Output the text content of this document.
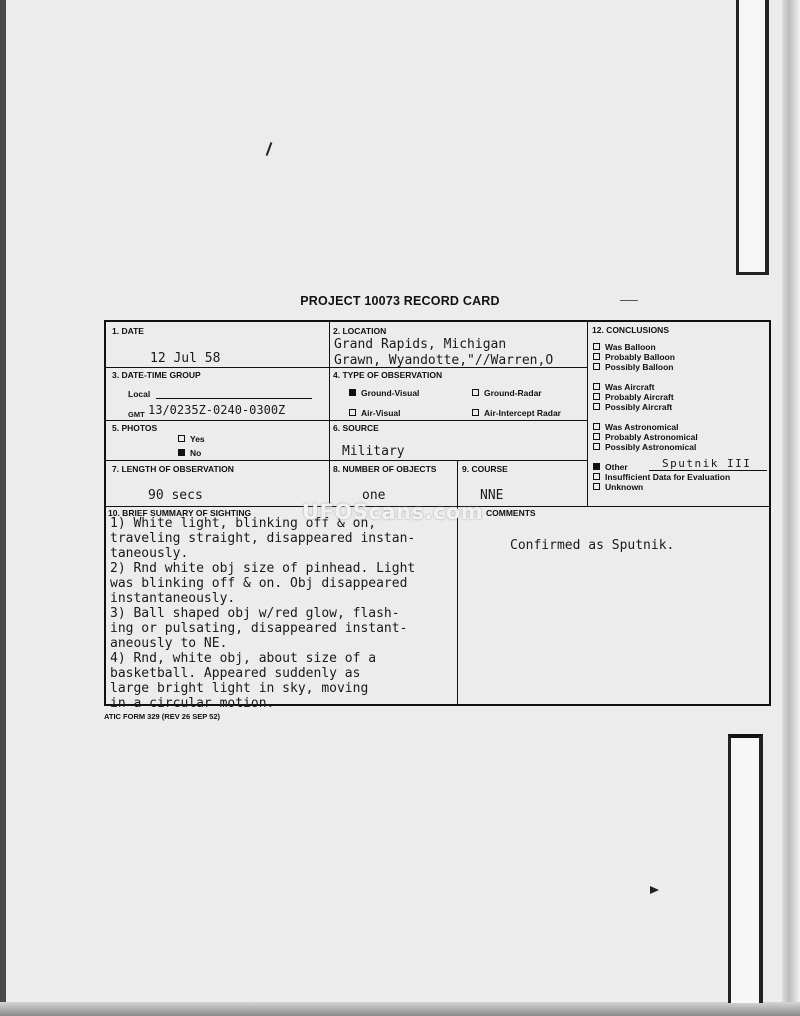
PROJECT 10073 RECORD CARD
1. DATE
12 Jul 58
2. LOCATION
Grand Rapids, Michigan
Grawn, Wyandotte,"//Warren,O
12. CONCLUSIONS
Was Balloon
Probably Balloon
Possibly Balloon
Was Aircraft
Probably Aircraft
Possibly Aircraft
Was Astronomical
Probably Astronomical
Possibly Astronomical
Other	Sputnik III
Insufficient Data for Evaluation
Unknown
3. DATE-TIME GROUP
Local
GMT 13/0235Z-0240-0300Z
4. TYPE OF OBSERVATION
Ground-Visual	Ground-Radar
Air-Visual	Air-Intercept Radar
5. PHOTOS
Yes
No
6. SOURCE
Military
7. LENGTH OF OBSERVATION
90 secs
8. NUMBER OF OBJECTS
one
9. COURSE
NNE
10. BRIEF SUMMARY OF SIGHTING
1) White light, blinking off & on,
traveling straight, disappeared instan-
taneously.
2) Rnd white obj size of pinhead. Light
was blinking off & on. Obj disappeared
instantaneously.
3) Ball shaped obj w/red glow, flash-
ing or pulsating, disappeared instant-
aneously to NE.
4) Rnd, white obj, about size of a
basketball. Appeared suddenly as
large bright light in sky, moving
in a circular motion.
COMMENTS
Confirmed as Sputnik.
UFOScans.com
ATIC FORM 329 (REV 26 SEP 52)
